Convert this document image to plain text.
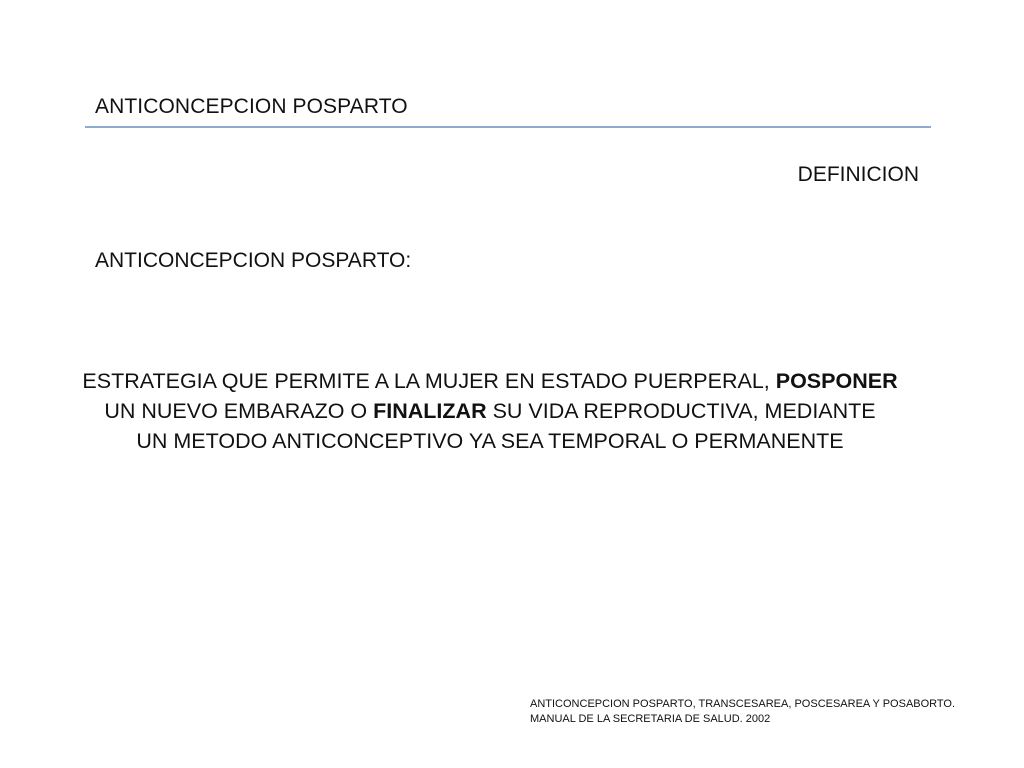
ANTICONCEPCION POSPARTO
DEFINICION
ANTICONCEPCION POSPARTO:
ESTRATEGIA QUE PERMITE A LA MUJER EN ESTADO PUERPERAL, POSPONER
UN NUEVO EMBARAZO O FINALIZAR SU VIDA REPRODUCTIVA, MEDIANTE
UN METODO ANTICONCEPTIVO YA SEA TEMPORAL O PERMANENTE
ANTICONCEPCION POSPARTO, TRANSCESAREA, POSCESAREA Y POSABORTO.
MANUAL DE LA SECRETARIA DE SALUD. 2002
